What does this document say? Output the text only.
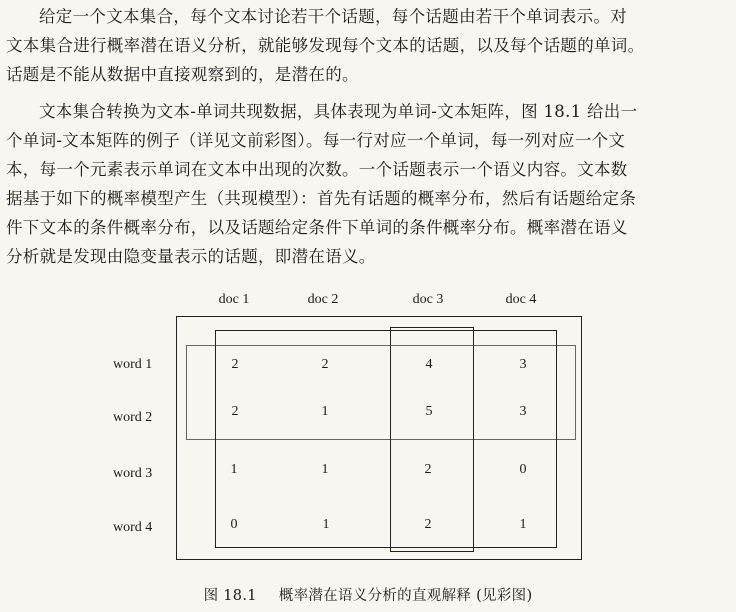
给定一个文本集合，每个文本讨论若干个话题，每个话题由若干个单词表示。对
文本集合进行概率潜在语义分析，就能够发现每个文本的话题，以及每个话题的单词。
话题是不能从数据中直接观察到的，是潜在的。
文本集合转换为文本-单词共现数据，具体表现为单词-文本矩阵，图 18.1 给出一
个单词-文本矩阵的例子（详见文前彩图）。每一行对应一个单词，每一列对应一个文
本，每一个元素表示单词在文本中出现的次数。一个话题表示一个语义内容。文本数
据基于如下的概率模型产生（共现模型）：首先有话题的概率分布，然后有话题给定条
件下文本的条件概率分布，以及话题给定条件下单词的条件概率分布。概率潜在语义
分析就是发现由隐变量表示的话题，即潜在语义。
doc 1	doc 2	doc 3	doc 4
word 1	2	2	4	3
word 2	2	1	5	3
word 3	1	1	2	0
word 4	0	1	2	1
图 18.1 概率潜在语义分析的直观解释 (见彩图)
